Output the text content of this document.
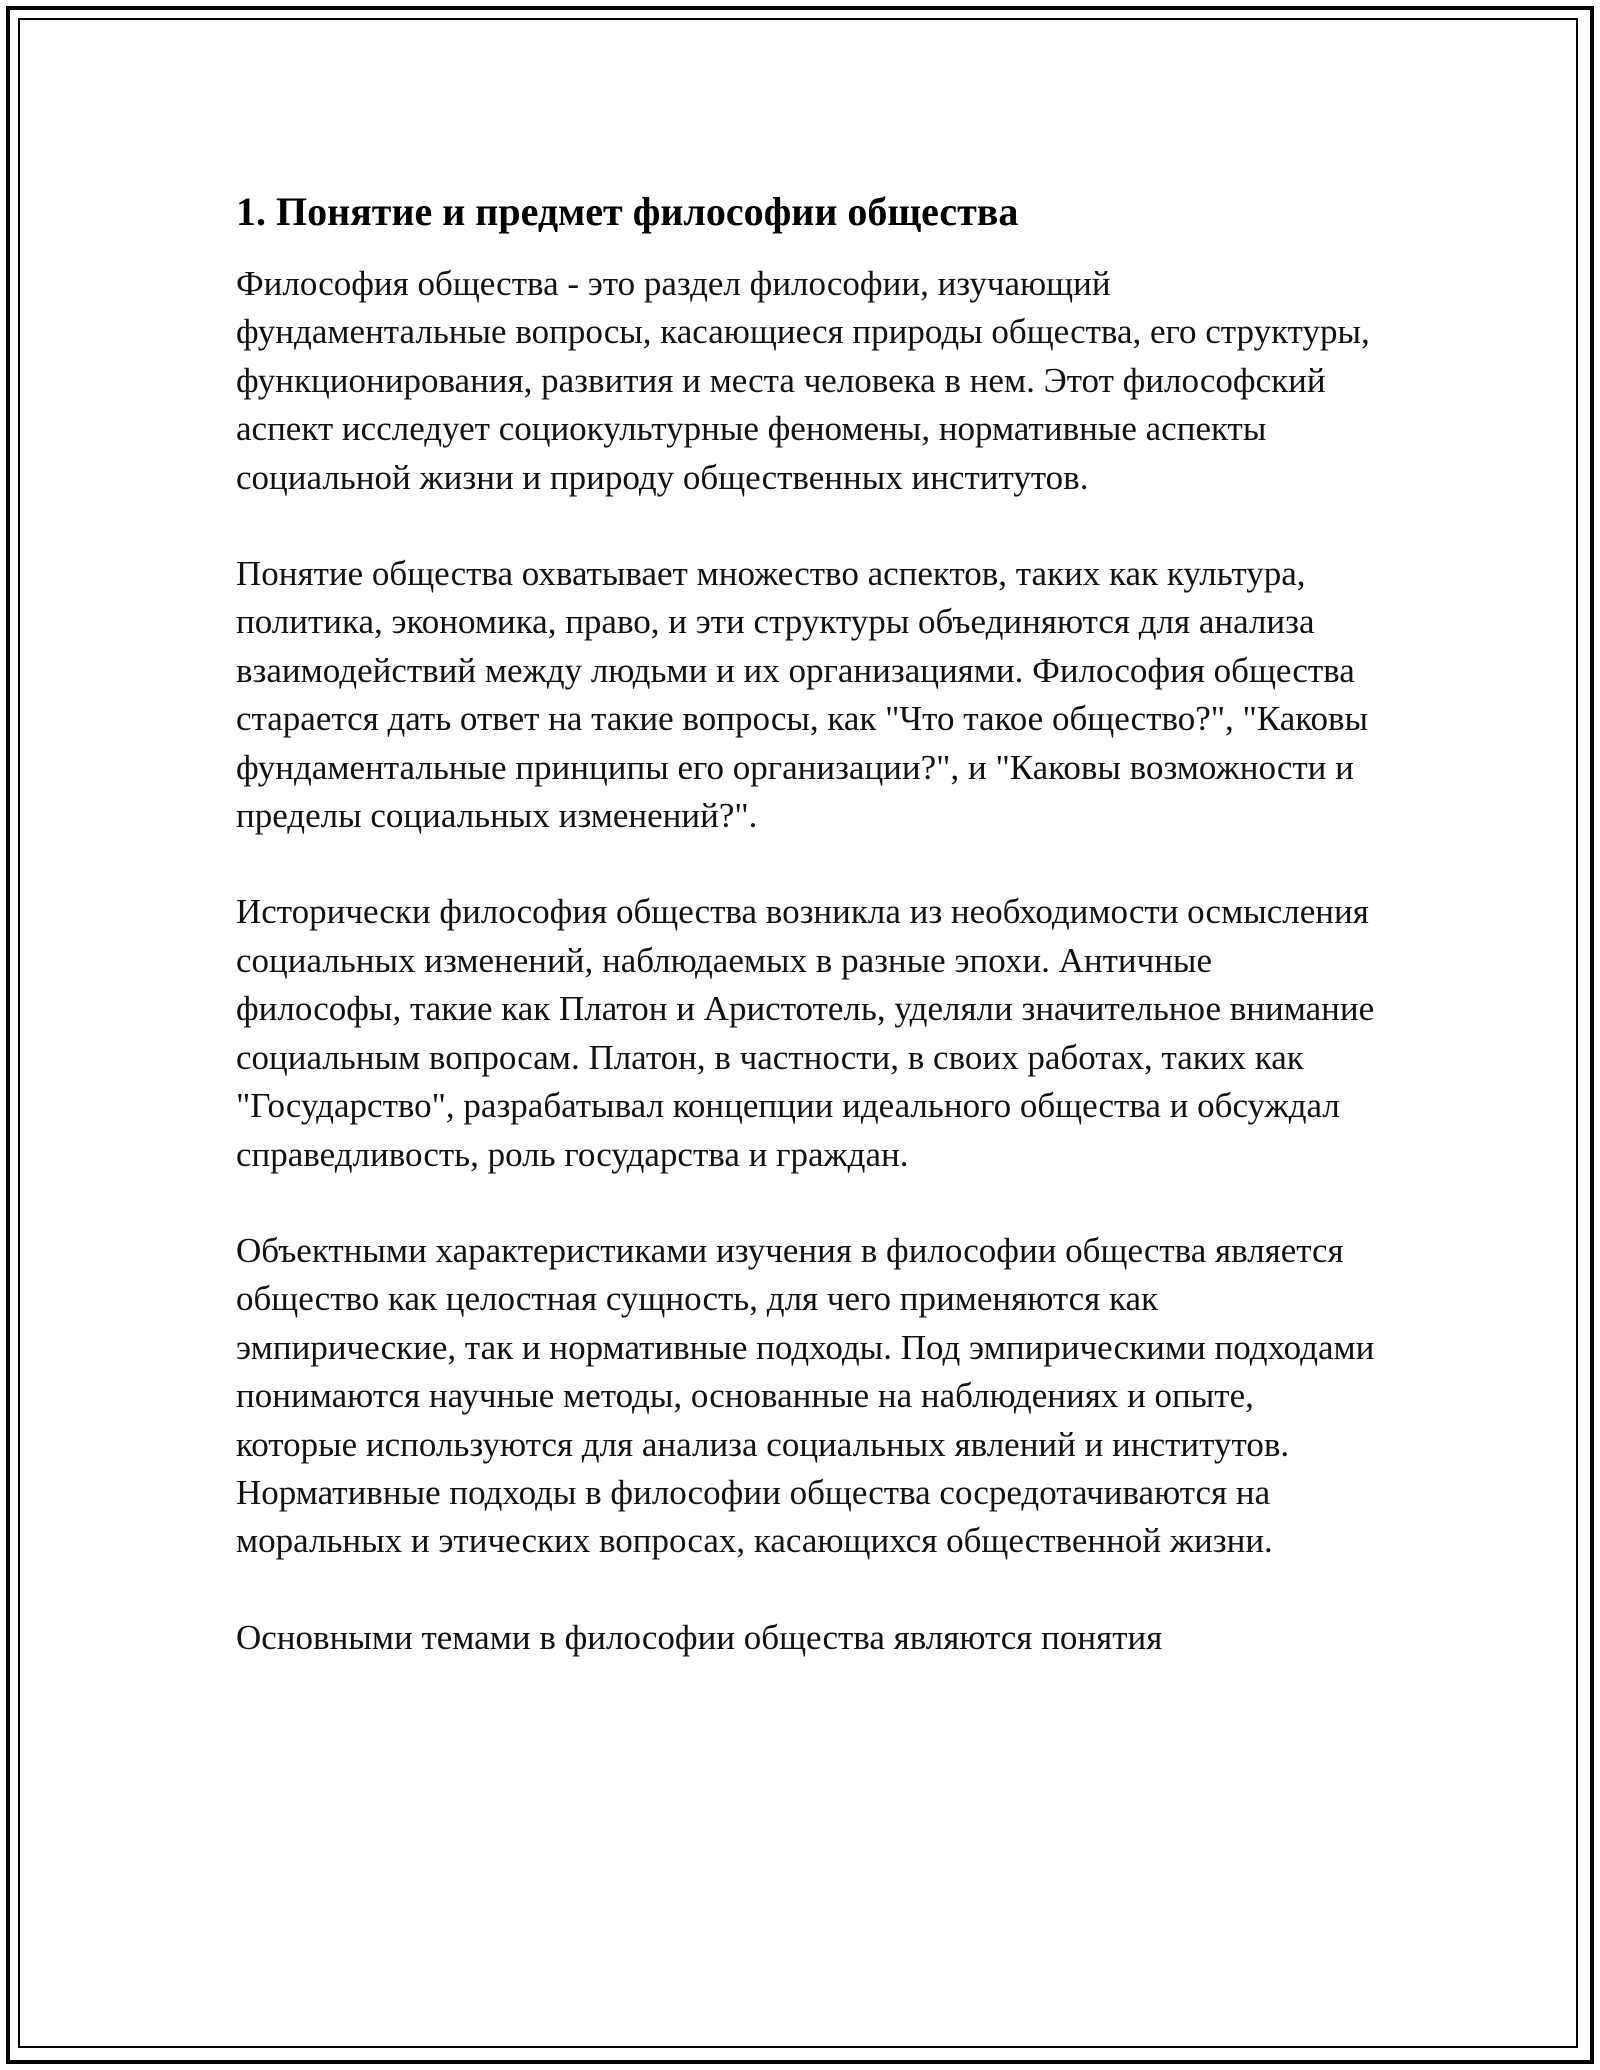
1. Понятие и предмет философии общества

Философия общества - это раздел философии, изучающий фундаментальные вопросы, касающиеся природы общества, его структуры, функционирования, развития и места человека в нем. Этот философский аспект исследует социокультурные феномены, нормативные аспекты социальной жизни и природу общественных институтов.

Понятие общества охватывает множество аспектов, таких как культура, политика, экономика, право, и эти структуры объединяются для анализа взаимодействий между людьми и их организациями. Философия общества старается дать ответ на такие вопросы, как "Что такое общество?", "Каковы фундаментальные принципы его организации?", и "Каковы возможности и пределы социальных изменений?".

Исторически философия общества возникла из необходимости осмысления социальных изменений, наблюдаемых в разные эпохи. Античные философы, такие как Платон и Аристотель, уделяли значительное внимание социальным вопросам. Платон, в частности, в своих работах, таких как "Государство", разрабатывал концепции идеального общества и обсуждал справедливость, роль государства и граждан.

Объектными характеристиками изучения в философии общества является общество как целостная сущность, для чего применяются как эмпирические, так и нормативные подходы. Под эмпирическими подходами понимаются научные методы, основанные на наблюдениях и опыте, которые используются для анализа социальных явлений и институтов. Нормативные подходы в философии общества сосредотачиваются на моральных и этических вопросах, касающихся общественной жизни.

Основными темами в философии общества являются понятия
